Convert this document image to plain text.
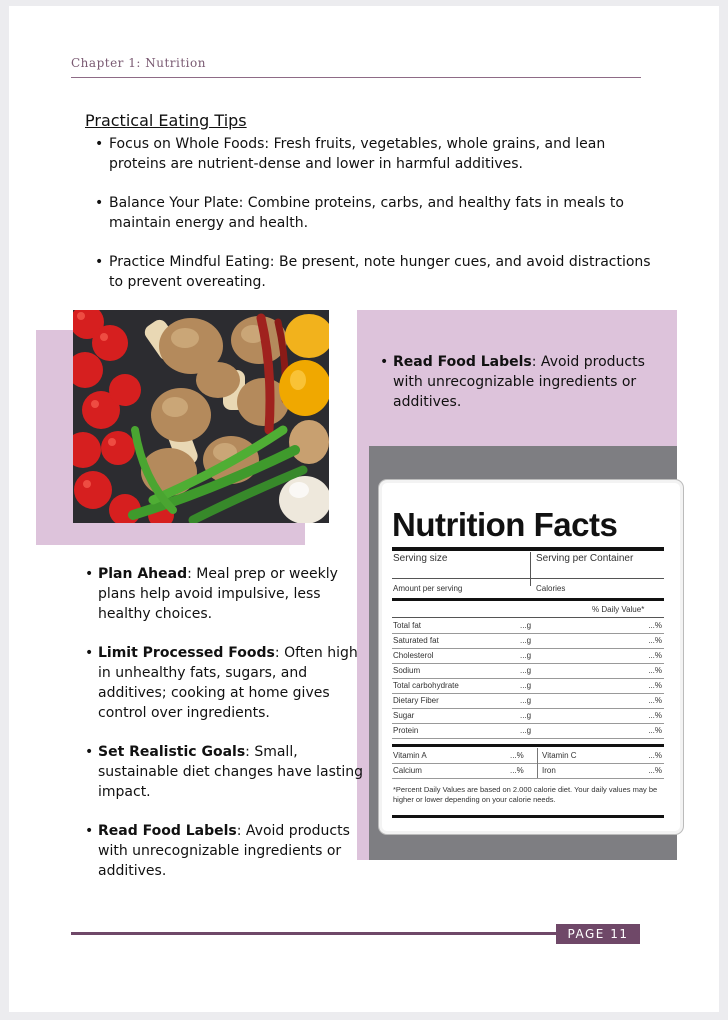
Chapter 1: Nutrition
Practical Eating Tips
• Focus on Whole Foods: Fresh fruits, vegetables, whole grains, and lean proteins are nutrient-dense and lower in harmful additives.
• Balance Your Plate: Combine proteins, carbs, and healthy fats in meals to maintain energy and health.
• Practice Mindful Eating: Be present, note hunger cues, and avoid distractions to prevent overeating.
• Read Food Labels: Avoid products with unrecognizable ingredients or additives.
• Plan Ahead: Meal prep or weekly plans help avoid impulsive, less healthy choices.
• Limit Processed Foods: Often high in unhealthy fats, sugars, and additives; cooking at home gives control over ingredients.
• Set Realistic Goals: Small, sustainable diet changes have lasting impact.
• Read Food Labels: Avoid products with unrecognizable ingredients or additives.
Nutrition Facts
Serving size	Serving per Container
Amount per serving	Calories
% Daily Value*
Total fat	...g	...%
Saturated fat	...g	...%
Cholesterol	...g	...%
Sodium	...g	...%
Total carbohydrate	...g	...%
Dietary Fiber	...g	...%
Sugar	...g	...%
Protein	...g	...%
Vitamin A	...% Vitamin C	...%
Calcium	...% Iron	...%
*Percent Daily Values are based on 2.000 calorie diet. Your daily values may be higher or lower depending on your calorie needs.
PAGE 11
